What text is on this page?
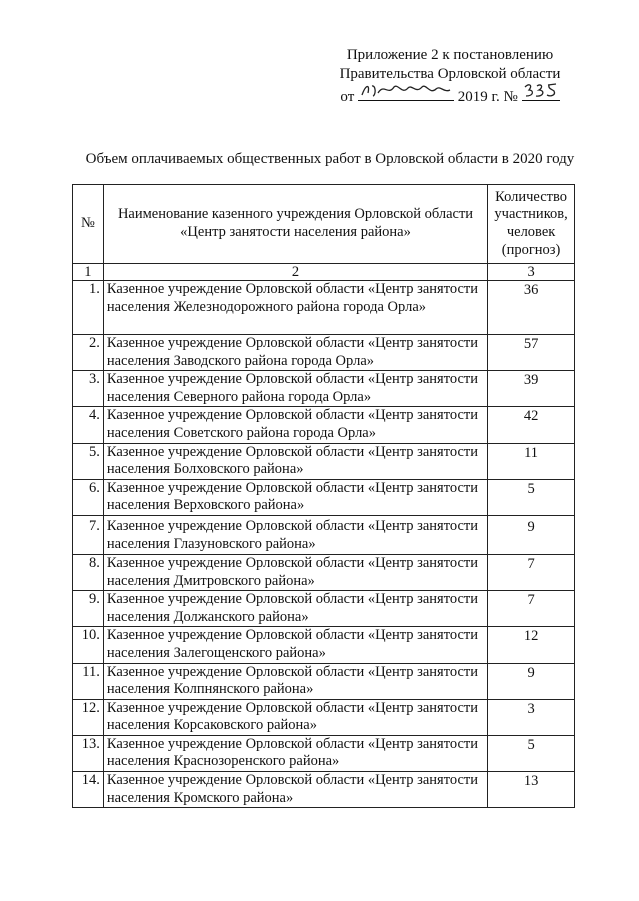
Приложение 2 к постановлению
Правительства Орловской области
от	2019 г. №
Объем оплачиваемых общественных работ в Орловской области в 2020 году
№	Наименование казенного учреждения Орловской области «Центр занятости населения района»	Количество участников, человек (прогноз)
1	2	3
1.	Казенное учреждение Орловской области «Центр занятости населения Железнодорожного района города Орла»	36
2.	Казенное учреждение Орловской области «Центр занятости населения Заводского района города Орла»	57
3.	Казенное учреждение Орловской области «Центр занятости населения Северного района города Орла»	39
4.	Казенное учреждение Орловской области «Центр занятости населения Советского района города Орла»	42
5.	Казенное учреждение Орловской области «Центр занятости населения Болховского района»	11
6.	Казенное учреждение Орловской области «Центр занятости населения Верховского района»	5
7.	Казенное учреждение Орловской области «Центр занятости населения Глазуновского района»	9
8.	Казенное учреждение Орловской области «Центр занятости населения Дмитровского района»	7
9.	Казенное учреждение Орловской области «Центр занятости населения Должанского района»	7
10.	Казенное учреждение Орловской области «Центр занятости населения Залегощенского района»	12
11.	Казенное учреждение Орловской области «Центр занятости населения Колпнянского района»	9
12.	Казенное учреждение Орловской области «Центр занятости населения Корсаковского района»	3
13.	Казенное учреждение Орловской области «Центр занятости населения Краснозоренского района»	5
14.	Казенное учреждение Орловской области «Центр занятости населения Кромского района»	13
